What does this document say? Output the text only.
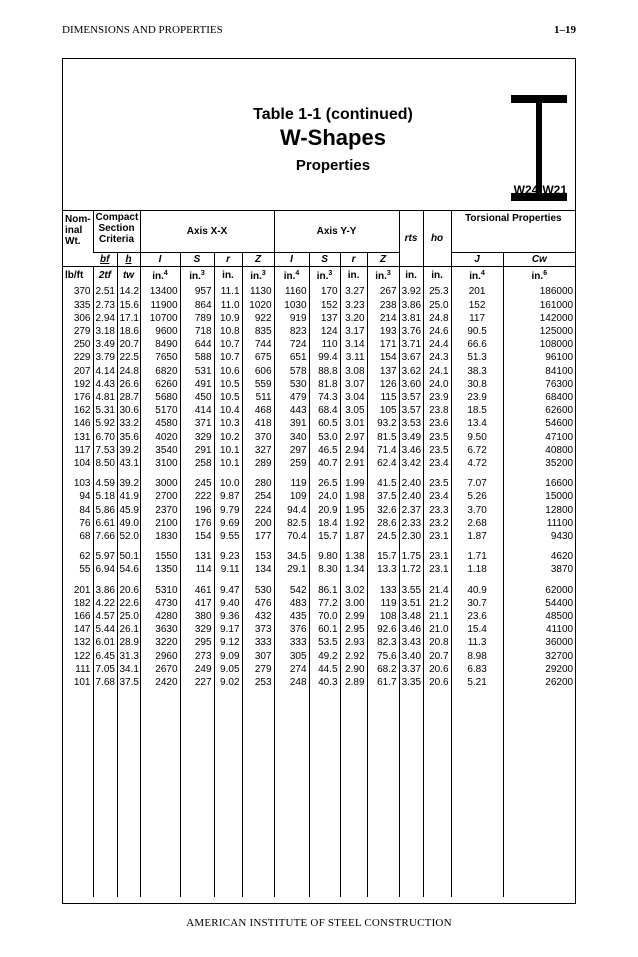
DIMENSIONS AND PROPERTIES	1–19
Table 1-1 (continued)
W-Shapes
Properties
W24-W21
Nom-inal Wt.	Compact Section Criteria		Axis X-X				Axis Y-Y				rts	ho	Torsional Properties	
	bf	h	I	S	r	Z	I	S	r	Z			J	Cw
lb/ft	2tf	tw	in.$^4$	in.$^3$	in.	in.$^3$	in.$^4$	in.$^3$	in.	in.$^3$	in.	in.	in.$^4$	in.$^6$
370	2.51	14.2	13400	957	11.1	1130	1160	170	3.27	267	3.92	25.3	201	186000
335	2.73	15.6	11900	864	11.0	1020	1030	152	3.23	238	3.86	25.0	152	161000
306	2.94	17.1	10700	789	10.9	922	919	137	3.20	214	3.81	24.8	117	142000
279	3.18	18.6	9600	718	10.8	835	823	124	3.17	193	3.76	24.6	90.5	125000
250	3.49	20.7	8490	644	10.7	744	724	110	3.14	171	3.71	24.4	66.6	108000
229	3.79	22.5	7650	588	10.7	675	651	99.4	3.11	154	3.67	24.3	51.3	96100
207	4.14	24.8	6820	531	10.6	606	578	88.8	3.08	137	3.62	24.1	38.3	84100
192	4.43	26.6	6260	491	10.5	559	530	81.8	3.07	126	3.60	24.0	30.8	76300
176	4.81	28.7	5680	450	10.5	511	479	74.3	3.04	115	3.57	23.9	23.9	68400
162	5.31	30.6	5170	414	10.4	468	443	68.4	3.05	105	3.57	23.8	18.5	62600
146	5.92	33.2	4580	371	10.3	418	391	60.5	3.01	93.2	3.53	23.6	13.4	54600
131	6.70	35.6	4020	329	10.2	370	340	53.0	2.97	81.5	3.49	23.5	9.50	47100
117	7.53	39.2	3540	291	10.1	327	297	46.5	2.94	71.4	3.46	23.5	6.72	40800
104	8.50	43.1	3100	258	10.1	289	259	40.7	2.91	62.4	3.42	23.4	4.72	35200
103	4.59	39.2	3000	245	10.0	280	119	26.5	1.99	41.5	2.40	23.5	7.07	16600
94	5.18	41.9	2700	222	9.87	254	109	24.0	1.98	37.5	2.40	23.4	5.26	15000
84	5.86	45.9	2370	196	9.79	224	94.4	20.9	1.95	32.6	2.37	23.3	3.70	12800
76	6.61	49.0	2100	176	9.69	200	82.5	18.4	1.92	28.6	2.33	23.2	2.68	11100
68	7.66	52.0	1830	154	9.55	177	70.4	15.7	1.87	24.5	2.30	23.1	1.87	9430
62	5.97	50.1	1550	131	9.23	153	34.5	9.80	1.38	15.7	1.75	23.1	1.71	4620
55	6.94	54.6	1350	114	9.11	134	29.1	8.30	1.34	13.3	1.72	23.1	1.18	3870
201	3.86	20.6	5310	461	9.47	530	542	86.1	3.02	133	3.55	21.4	40.9	62000
182	4.22	22.6	4730	417	9.40	476	483	77.2	3.00	119	3.51	21.2	30.7	54400
166	4.57	25.0	4280	380	9.36	432	435	70.0	2.99	108	3.48	21.1	23.6	48500
147	5.44	26.1	3630	329	9.17	373	376	60.1	2.95	92.6	3.46	21.0	15.4	41100
132	6.01	28.9	3220	295	9.12	333	333	53.5	2.93	82.3	3.43	20.8	11.3	36000
122	6.45	31.3	2960	273	9.09	307	305	49.2	2.92	75.6	3.40	20.7	8.98	32700
111	7.05	34.1	2670	249	9.05	279	274	44.5	2.90	68.2	3.37	20.6	6.83	29200
101	7.68	37.5	2420	227	9.02	253	248	40.3	2.89	61.7	3.35	20.6	5.21	26200

AMERICAN INSTITUTE OF STEEL CONSTRUCTION
